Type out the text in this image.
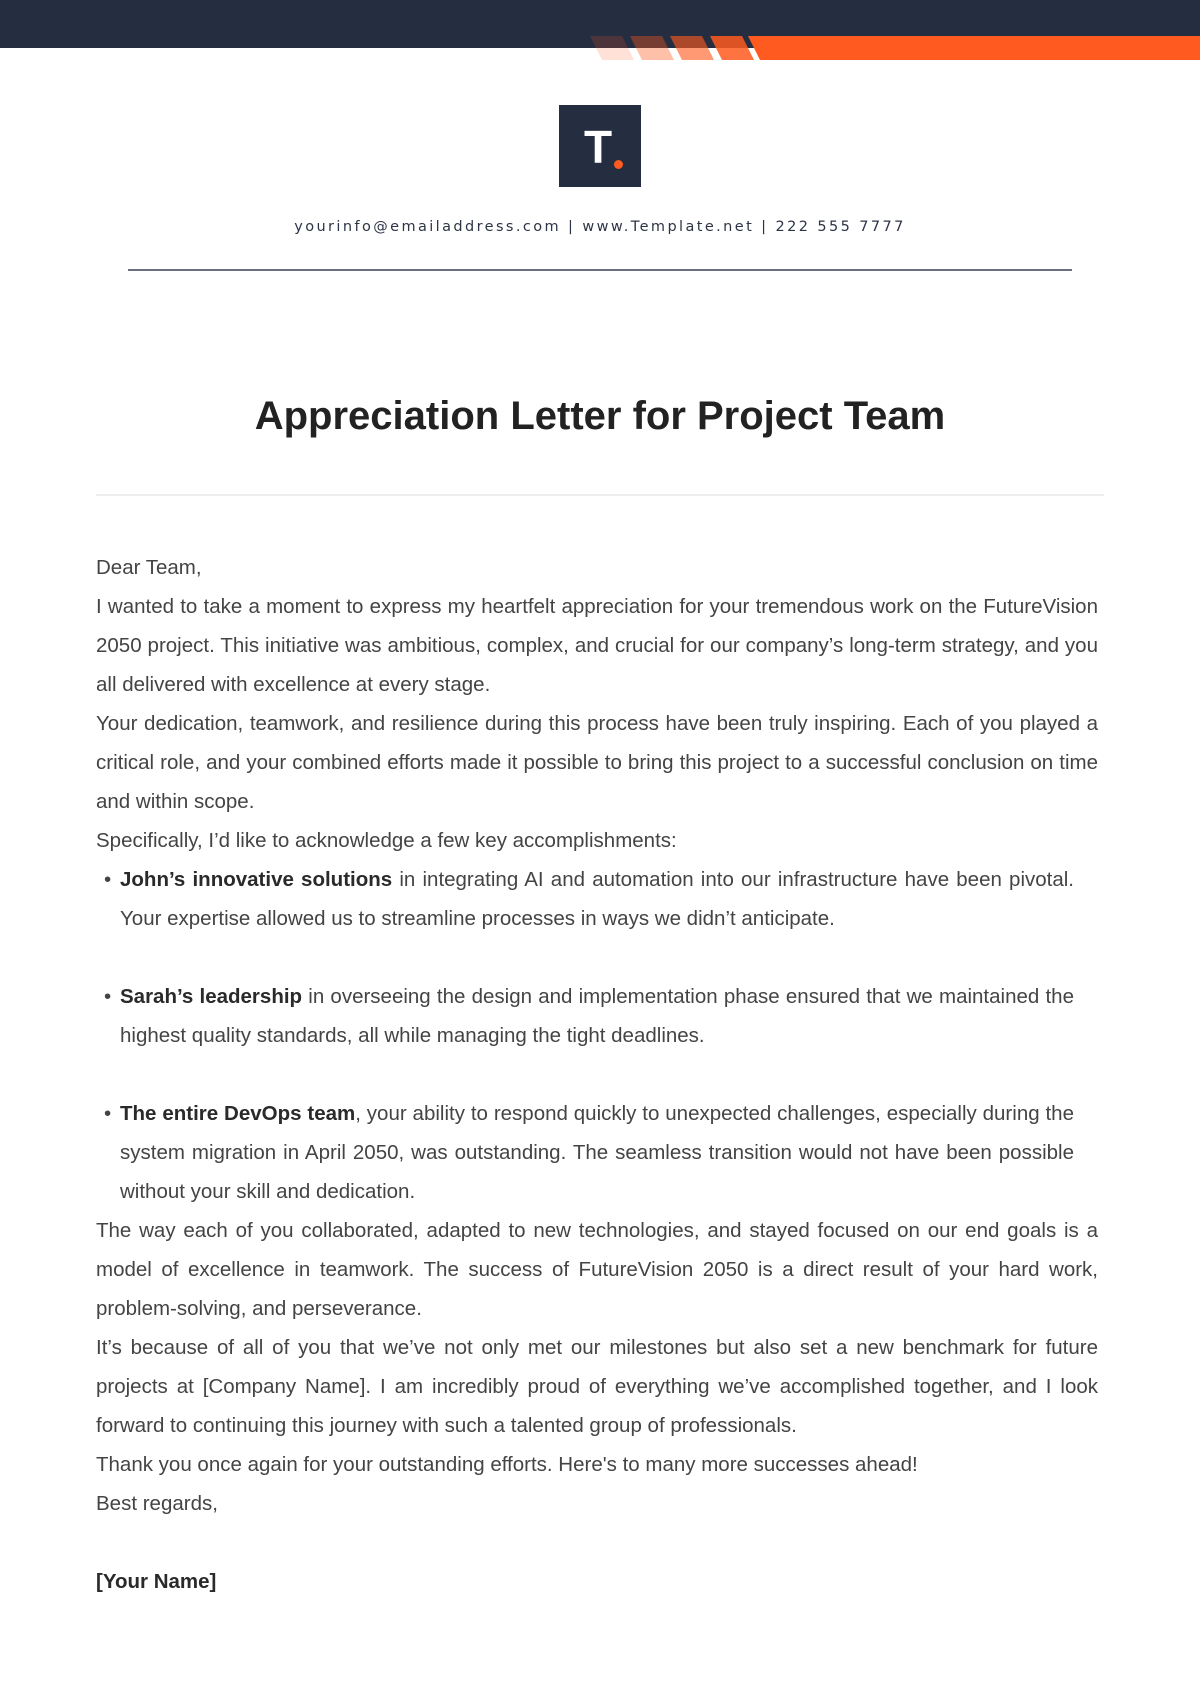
T
yourinfo@emailaddress.com | www.Template.net | 222 555 7777
Appreciation Letter for Project Team

Dear Team,

I wanted to take a moment to express my heartfelt appreciation for your tremendous work on the FutureVision 2050 project. This initiative was ambitious, complex, and crucial for our company’s long-term strategy, and you all delivered with excellence at every stage.

Your dedication, teamwork, and resilience during this process have been truly inspiring. Each of you played a critical role, and your combined efforts made it possible to bring this project to a successful conclusion on time and within scope.

Specifically, I’d like to acknowledge a few key accomplishments:

• John’s innovative solutions in integrating AI and automation into our infrastructure have been pivotal. Your expertise allowed us to streamline processes in ways we didn’t anticipate.
• Sarah’s leadership in overseeing the design and implementation phase ensured that we maintained the highest quality standards, all while managing the tight deadlines.
• The entire DevOps team, your ability to respond quickly to unexpected challenges, especially during the system migration in April 2050, was outstanding. The seamless transition would not have been possible without your skill and dedication.

The way each of you collaborated, adapted to new technologies, and stayed focused on our end goals is a model of excellence in teamwork. The success of FutureVision 2050 is a direct result of your hard work, problem-solving, and perseverance.

It’s because of all of you that we’ve not only met our milestones but also set a new benchmark for future projects at [Company Name]. I am incredibly proud of everything we’ve accomplished together, and I look forward to continuing this journey with such a talented group of professionals.

Thank you once again for your outstanding efforts. Here's to many more successes ahead!

Best regards,

[Your Name]
